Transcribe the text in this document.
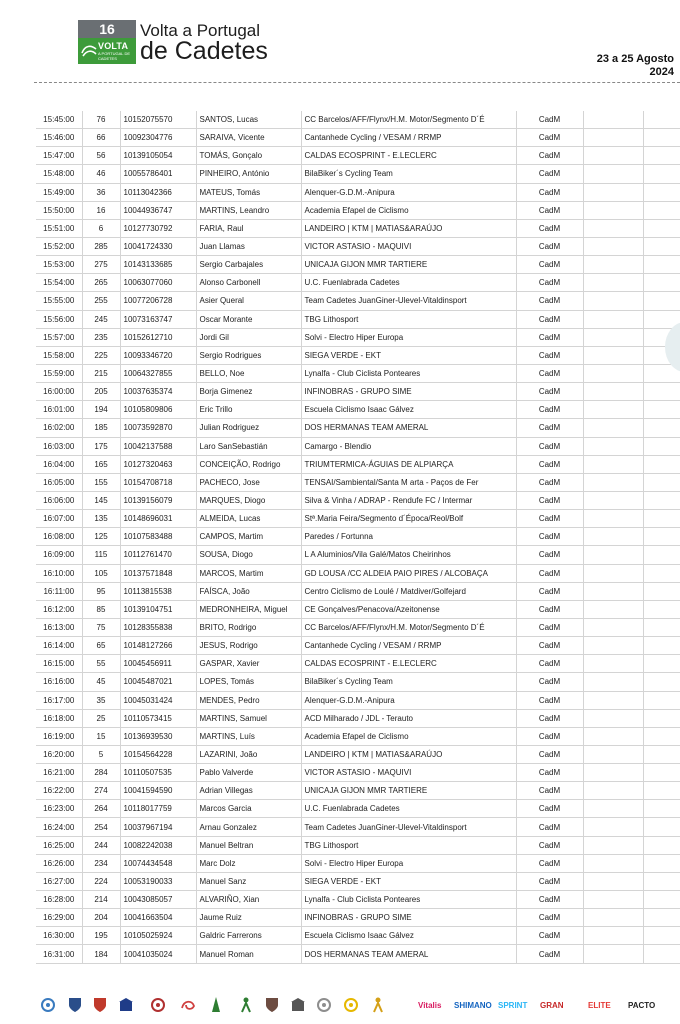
16
VOLTA
A PORTUGAL DE CADETES
Volta a Portugal
de Cadetes	23 a 25 Agosto
2024
15:45:00	76	10152075570	SANTOS, Lucas	CC Barcelos/AFF/Flynx/H.M. Motor/Segmento D´É	CadM		
15:46:00	66	10092304776	SARAIVA, Vicente	Cantanhede Cycling / VESAM / RRMP	CadM		
15:47:00	56	10139105054	TOMÁS, Gonçalo	CALDAS ECOSPRINT - E.LECLERC	CadM		
15:48:00	46	10055786401	PINHEIRO, António	BilaBiker´s Cycling Team	CadM		
15:49:00	36	10113042366	MATEUS, Tomás	Alenquer-G.D.M.-Anipura	CadM		
15:50:00	16	10044936747	MARTINS, Leandro	Academia Efapel de Ciclismo	CadM		
15:51:00	6	10127730792	FARIA, Raul	LANDEIRO | KTM | MATIAS&ARAÚJO	CadM		
15:52:00	285	10041724330	Juan Llamas	VICTOR ASTASIO - MAQUIVI	CadM		
15:53:00	275	10143133685	Sergio Carbajales	UNICAJA GIJON MMR TARTIERE	CadM		
15:54:00	265	10063077060	Alonso Carbonell	U.C. Fuenlabrada Cadetes	CadM		
15:55:00	255	10077206728	Asier Queral	Team Cadetes JuanGiner-Ulevel-Vitaldinsport	CadM		
15:56:00	245	10073163747	Oscar Morante	TBG Lithosport	CadM		
15:57:00	235	10152612710	Jordi Gil	Solvi - Electro Hiper Europa	CadM		
15:58:00	225	10093346720	Sergio Rodrigues	SIEGA VERDE - EKT	CadM		
15:59:00	215	10064327855	BELLO, Noe	Lynalfa - Club Ciclista Ponteares	CadM		
16:00:00	205	10037635374	Borja Gimenez	INFINOBRAS - GRUPO SIME	CadM		
16:01:00	194	10105809806	Eric Trillo	Escuela Ciclismo Isaac Gálvez	CadM		
16:02:00	185	10073592870	Julian Rodriguez	DOS HERMANAS TEAM AMERAL	CadM		
16:03:00	175	10042137588	Laro SanSebastián	Camargo - Blendio	CadM		
16:04:00	165	10127320463	CONCEIÇÃO, Rodrigo	TRIUMTERMICA-ÁGUIAS DE ALPIARÇA	CadM		
16:05:00	155	10154708718	PACHECO, Jose	TENSAI/Sambiental/Santa M arta - Paços de Fer	CadM		
16:06:00	145	10139156079	MARQUES, Diogo	Silva & Vinha / ADRAP - Rendufe FC / Intermar	CadM		
16:07:00	135	10148696031	ALMEIDA, Lucas	Stª.Maria Feira/Segmento d´Época/Reol/Bolf	CadM		
16:08:00	125	10107583488	CAMPOS, Martim	Paredes / Fortunna	CadM		
16:09:00	115	10112761470	SOUSA, Diogo	L A Aluminios/Vila Galé/Matos Cheirinhos	CadM		
16:10:00	105	10137571848	MARCOS, Martim	GD LOUSA /CC ALDEIA PAIO PIRES / ALCOBAÇA	CadM		
16:11:00	95	10113815538	FAÍSCA, João	Centro Ciclismo de Loulé / Matdiver/Golfejard	CadM		
16:12:00	85	10139104751	MEDRONHEIRA, Miguel	CE Gonçalves/Penacova/Azeitonense	CadM		
16:13:00	75	10128355838	BRITO, Rodrigo	CC Barcelos/AFF/Flynx/H.M. Motor/Segmento D´É	CadM		
16:14:00	65	10148127266	JESUS, Rodrigo	Cantanhede Cycling / VESAM / RRMP	CadM		
16:15:00	55	10045456911	GASPAR, Xavier	CALDAS ECOSPRINT - E.LECLERC	CadM		
16:16:00	45	10045487021	LOPES, Tomás	BilaBiker´s Cycling Team	CadM		
16:17:00	35	10045031424	MENDES, Pedro	Alenquer-G.D.M.-Anipura	CadM		
16:18:00	25	10110573415	MARTINS, Samuel	ACD Milharado / JDL - Terauto	CadM		
16:19:00	15	10136939530	MARTINS, Luís	Academia Efapel de Ciclismo	CadM		
16:20:00	5	10154564228	LAZARINI, João	LANDEIRO | KTM | MATIAS&ARAÚJO	CadM		
16:21:00	284	10110507535	Pablo Valverde	VICTOR ASTASIO - MAQUIVI	CadM		
16:22:00	274	10041594590	Adrian Villegas	UNICAJA GIJON MMR TARTIERE	CadM		
16:23:00	264	10118017759	Marcos Garcia	U.C. Fuenlabrada Cadetes	CadM		
16:24:00	254	10037967194	Arnau Gonzalez	Team Cadetes JuanGiner-Ulevel-Vitaldinsport	CadM		
16:25:00	244	10082242038	Manuel Beltran	TBG Lithosport	CadM		
16:26:00	234	10074434548	Marc Dolz	Solvi - Electro Hiper Europa	CadM		
16:27:00	224	10053190033	Manuel Sanz	SIEGA VERDE - EKT	CadM		
16:28:00	214	10043085057	ALVARIÑO, Xian	Lynalfa - Club Ciclista Ponteares	CadM		
16:29:00	204	10041663504	Jaume Ruiz	INFINOBRAS - GRUPO SIME	CadM		
16:30:00	195	10105025924	Galdric Farrerons	Escuela Ciclismo Isaac Gálvez	CadM		
16:31:00	184	10041035024	Manuel Roman	DOS HERMANAS TEAM AMERAL	CadM		
Vitalis SHIMANO SPRINT GRAN	ELITE PACTO
